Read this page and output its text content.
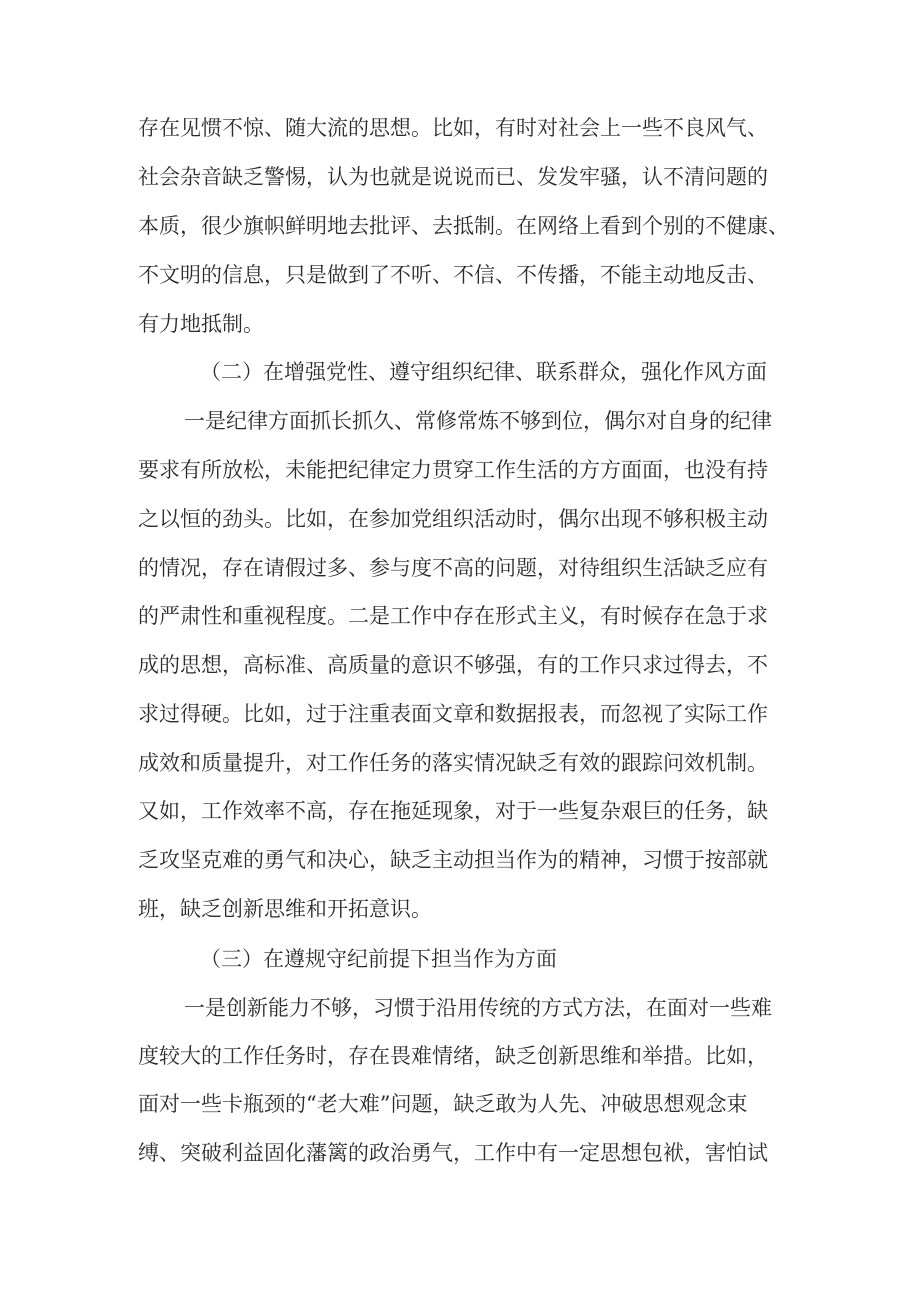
存在见惯不惊、随大流的思想。比如，有时对社会上一些不良风气、
社会杂音缺乏警惕，认为也就是说说而已、发发牢骚，认不清问题的
本质，很少旗帜鲜明地去批评、去抵制。在网络上看到个别的不健康、
不文明的信息，只是做到了不听、不信、不传播，不能主动地反击、
有力地抵制。
（二）在增强党性、遵守组织纪律、联系群众，强化作风方面
一是纪律方面抓长抓久、常修常炼不够到位，偶尔对自身的纪律
要求有所放松，未能把纪律定力贯穿工作生活的方方面面，也没有持
之以恒的劲头。比如，在参加党组织活动时，偶尔出现不够积极主动
的情况，存在请假过多、参与度不高的问题，对待组织生活缺乏应有
的严肃性和重视程度。二是工作中存在形式主义，有时候存在急于求
成的思想，高标准、高质量的意识不够强，有的工作只求过得去，不
求过得硬。比如，过于注重表面文章和数据报表，而忽视了实际工作
成效和质量提升，对工作任务的落实情况缺乏有效的跟踪问效机制。
又如，工作效率不高，存在拖延现象，对于一些复杂艰巨的任务，缺
乏攻坚克难的勇气和决心，缺乏主动担当作为的精神，习惯于按部就
班，缺乏创新思维和开拓意识。
（三）在遵规守纪前提下担当作为方面
一是创新能力不够，习惯于沿用传统的方式方法，在面对一些难
度较大的工作任务时，存在畏难情绪，缺乏创新思维和举措。比如，
面对一些卡瓶颈的“老大难”问题，缺乏敢为人先、冲破思想观念束
缚、突破利益固化藩篱的政治勇气，工作中有一定思想包袱，害怕试
